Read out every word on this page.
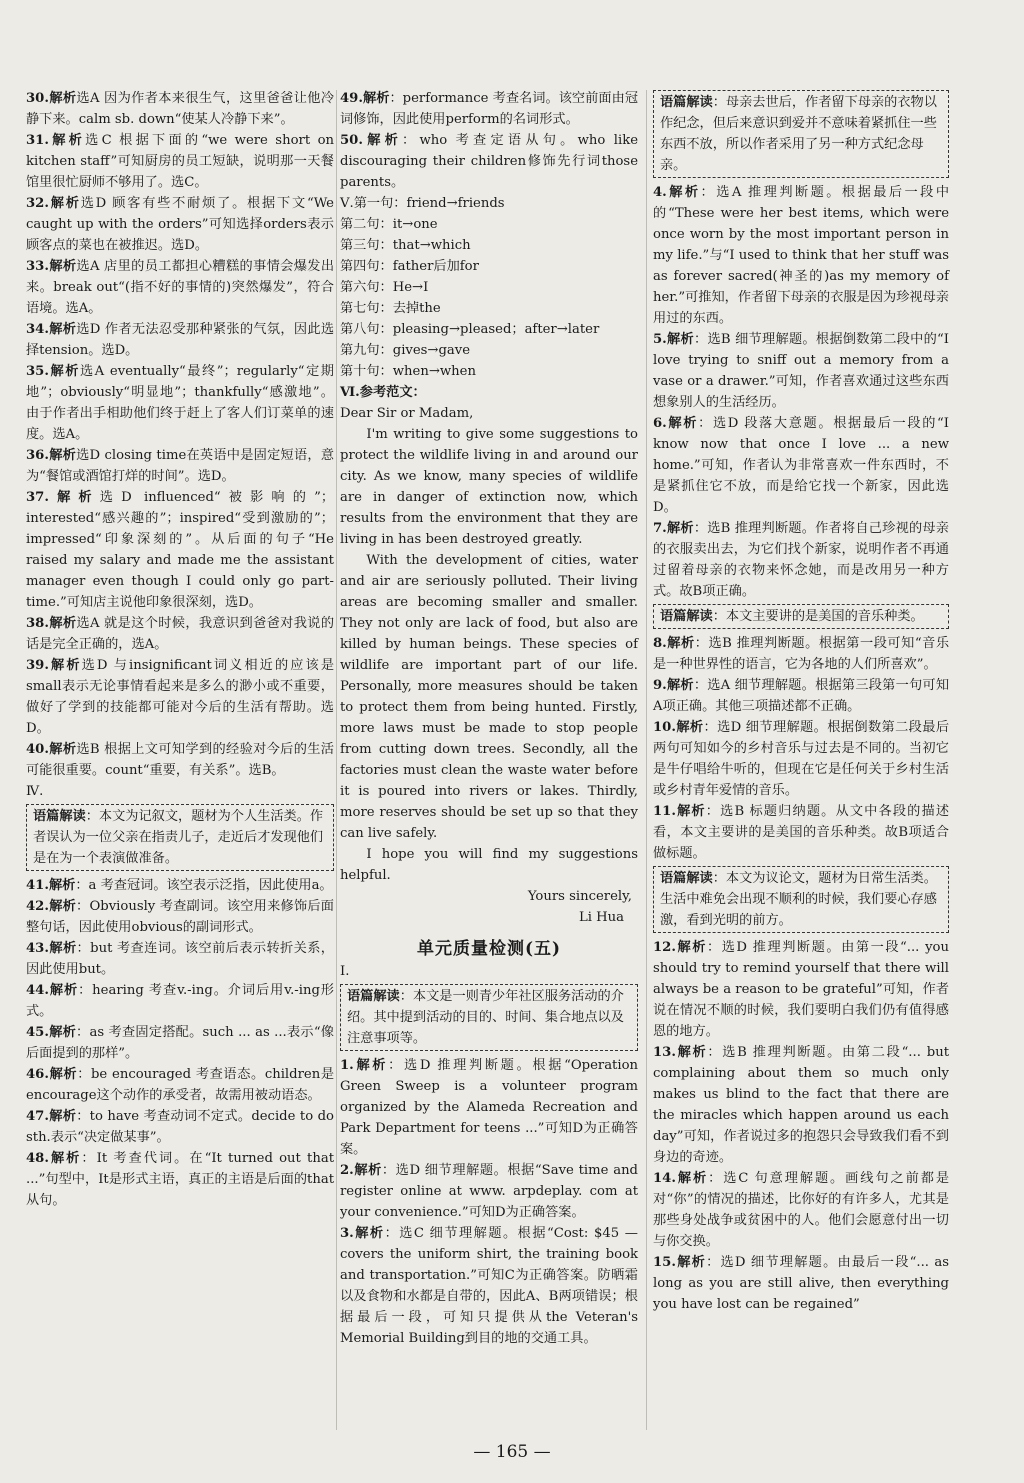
30.解析选A 因为作者本来很生气，这里爸爸让他冷静下来。calm sb. down“使某人冷静下来”。

31.解析选C 根据下面的“we were short on kitchen staff”可知厨房的员工短缺，说明那一天餐馆里很忙厨师不够用了。选C。

32.解析选D 顾客有些不耐烦了。根据下文“We caught up with the orders”可知选择orders表示顾客点的菜也在被推迟。选D。

33.解析选A 店里的员工都担心糟糕的事情会爆发出来。break out“(指不好的事情的)突然爆发”，符合语境。选A。

34.解析选D 作者无法忍受那种紧张的气氛，因此选择tension。选D。

35.解析选A eventually“最终”；regularly“定期地”；obviously“明显地”；thankfully“感激地”。由于作者出手相助他们终于赶上了客人们订菜单的速度。选A。

36.解析选D closing time在英语中是固定短语，意为“餐馆或酒馆打烊的时间”。选D。

37.解析选D influenced“被影响的”；interested“感兴趣的”；inspired“受到激励的”；impressed“印象深刻的”。从后面的句子“He raised my salary and made me the assistant manager even though I could only go part-time.”可知店主说他印象很深刻，选D。

38.解析选A 就是这个时候，我意识到爸爸对我说的话是完全正确的，选A。

39.解析选D 与insignificant词义相近的应该是small表示无论事情看起来是多么的渺小或不重要，做好了学到的技能都可能对今后的生活有帮助。选D。

40.解析选B 根据上文可知学到的经验对今后的生活可能很重要。count“重要，有关系”。选B。

Ⅳ.

语篇解读：本文为记叙文，题材为个人生活类。作者误认为一位父亲在指责儿子，走近后才发现他们是在为一个表演做准备。

41.解析：a 考查冠词。该空表示泛指，因此使用a。

42.解析：Obviously 考查副词。该空用来修饰后面整句话，因此使用obvious的副词形式。

43.解析：but 考查连词。该空前后表示转折关系，因此使用but。

44.解析：hearing 考查v.-ing。介词后用v.-ing形式。

45.解析：as 考查固定搭配。such ... as ...表示“像后面提到的那样”。

46.解析：be encouraged 考查语态。children是encourage这个动作的承受者，故需用被动语态。

47.解析：to have 考查动词不定式。decide to do sth.表示“决定做某事”。

48.解析：It 考查代词。在“It turned out that ...”句型中，It是形式主语，真正的主语是后面的that从句。

49.解析：performance 考查名词。该空前面由冠词修饰，因此使用perform的名词形式。

50.解析：who 考查定语从句。who like discouraging their children修饰先行词those parents。

Ⅴ.第一句：friend→friends

第二句：it→one

第三句：that→which

第四句：father后加for

第六句：He→I

第七句：去掉the

第八句：pleasing→pleased；after→later

第九句：gives→gave

第十句：when→when

Ⅵ.参考范文：

Dear Sir or Madam,

I'm writing to give some suggestions to protect the wildlife living in and around our city. As we know, many species of wildlife are in danger of extinction now, which results from the environment that they are living in has been destroyed greatly.

With the development of cities, water and air are seriously polluted. Their living areas are becoming smaller and smaller. They not only are lack of food, but also are killed by human beings. These species of wildlife are important part of our life. Personally, more measures should be taken to protect them from being hunted. Firstly, more laws must be made to stop people from cutting down trees. Secondly, all the factories must clean the waste water before it is poured into rivers or lakes. Thirdly, more reserves should be set up so that they can live safely.

I hope you will find my suggestions helpful.

Yours sincerely,

Li Hua

单元质量检测(五)

Ⅰ.

语篇解读：本文是一则青少年社区服务活动的介绍。其中提到活动的目的、时间、集合地点以及注意事项等。

1.解析：选D 推理判断题。根据“Operation Green Sweep is a volunteer program organized by the Alameda Recreation and Park Department for teens ...”可知D为正确答案。

2.解析：选D 细节理解题。根据“Save time and register online at www. arpdeplay. com at your convenience.”可知D为正确答案。

3.解析：选C 细节理解题。根据“Cost: $45 — covers the uniform shirt, the training book and transportation.”可知C为正确答案。防晒霜以及食物和水都是自带的，因此A、B两项错误；根据最后一段，可知只提供从the Veteran's Memorial Building到目的地的交通工具。

语篇解读：母亲去世后，作者留下母亲的衣物以作纪念，但后来意识到爱并不意味着紧抓住一些东西不放，所以作者采用了另一种方式纪念母亲。

4.解析：选A 推理判断题。根据最后一段中的“These were her best items, which were once worn by the most important person in my life.”与“I used to think that her stuff was as forever sacred(神圣的)as my memory of her.”可推知，作者留下母亲的衣服是因为珍视母亲用过的东西。

5.解析：选B 细节理解题。根据倒数第二段中的“I love trying to sniff out a memory from a vase or a drawer.”可知，作者喜欢通过这些东西想象别人的生活经历。

6.解析：选D 段落大意题。根据最后一段的“I know now that once I love ... a new home.”可知，作者认为非常喜欢一件东西时，不是紧抓住它不放，而是给它找一个新家，因此选D。

7.解析：选B 推理判断题。作者将自己珍视的母亲的衣服卖出去，为它们找个新家，说明作者不再通过留着母亲的衣物来怀念她，而是改用另一种方式。故B项正确。

语篇解读：本文主要讲的是美国的音乐种类。

8.解析：选B 推理判断题。根据第一段可知“音乐是一种世界性的语言，它为各地的人们所喜欢”。

9.解析：选A 细节理解题。根据第三段第一句可知A项正确。其他三项描述都不正确。

10.解析：选D 细节理解题。根据倒数第二段最后两句可知如今的乡村音乐与过去是不同的。当初它是牛仔唱给牛听的，但现在它是任何关于乡村生活或乡村青年爱情的音乐。

11.解析：选B 标题归纳题。从文中各段的描述看，本文主要讲的是美国的音乐种类。故B项适合做标题。

语篇解读：本文为议论文，题材为日常生活类。生活中难免会出现不顺利的时候，我们要心存感激，看到光明的前方。

12.解析：选D 推理判断题。由第一段“... you should try to remind yourself that there will always be a reason to be grateful”可知，作者说在情况不顺的时候，我们要明白我们仍有值得感恩的地方。

13.解析：选B 推理判断题。由第二段“... but complaining about them so much only makes us blind to the fact that there are the miracles which happen around us each day”可知，作者说过多的抱怨只会导致我们看不到身边的奇迹。

14.解析：选C 句意理解题。画线句之前都是对“你”的情况的描述，比你好的有许多人，尤其是那些身处战争或贫困中的人。他们会愿意付出一切与你交换。

15.解析：选D 细节理解题。由最后一段“... as long as you are still alive, then everything you have lost can be regained”

— 165 —
